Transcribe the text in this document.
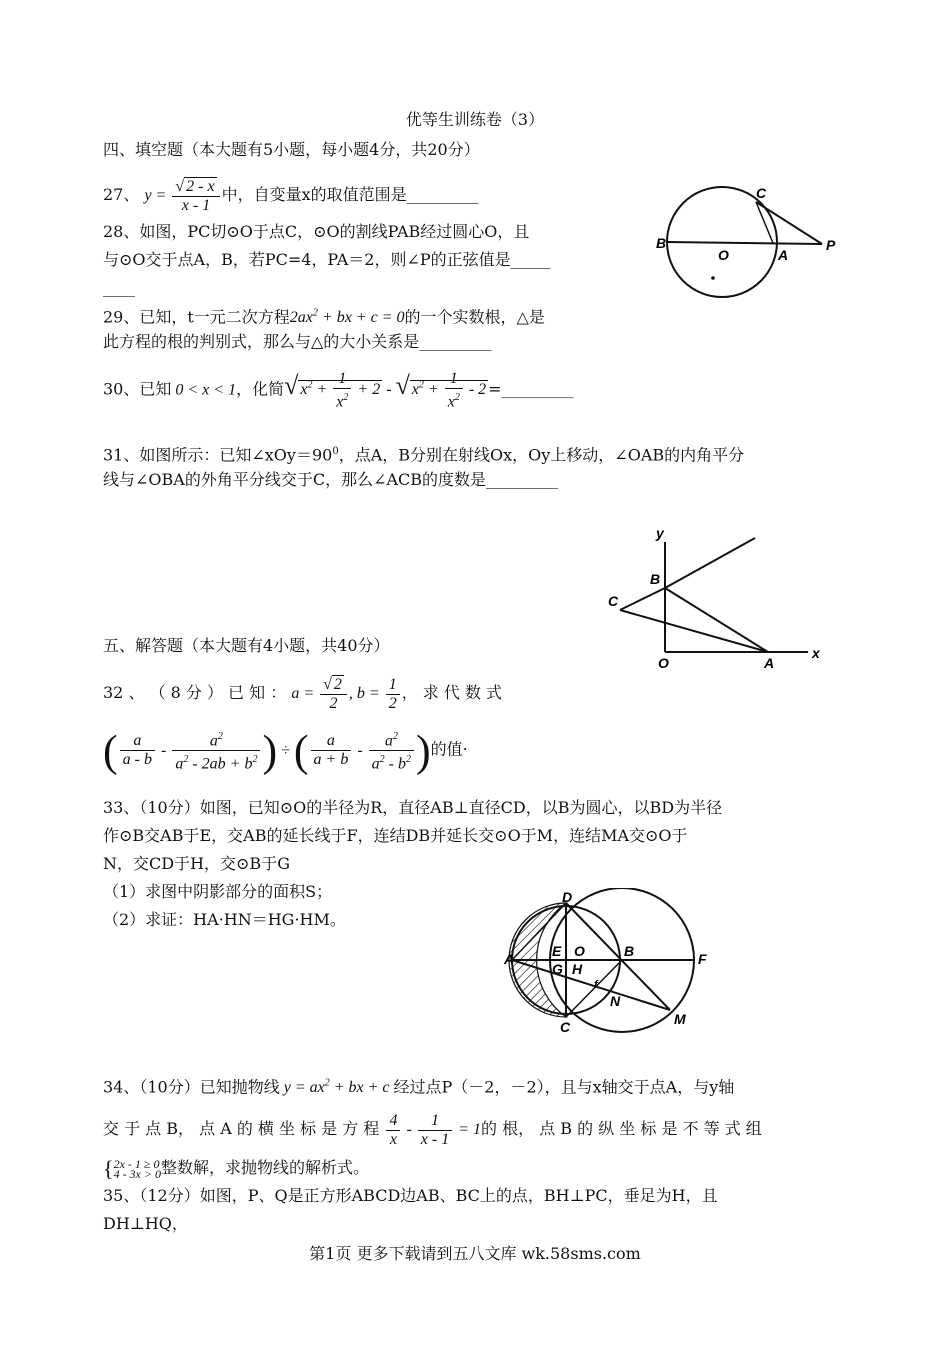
优等生训练卷（3）
四、填空题（本大题有5小题，每小题4分，共20分）
27、 $y = \frac{√ 2 - x}{x - 1}$ 中，自变量x的取值范围是_________
28、如图，PC切⊙O于点C，⊙O的割线PAB经过圆心O，且
与⊙O交于点A，B，若PC=4，PA＝2，则∠P的正弦值是_____
____
C
B
O	A
P
29、已知，t一元二次方程$2ax^2$ + bx + c = 0的一个实数根，△是
此方程的根的判别式，那么与△的大小关系是_________
30、已知 0 < x < 1，化简√ $x^2 + \frac{1}{x^2} + 2$ - √ $x^2 + \frac{1}{x^2} - 2$ =_________
31、如图所示：已知$\angle xOy=90^0$，点A，B分别在射线Ox，Oy上移动，∠OAB的内角平分
线与∠OBA的外角平分线交于C，那么∠ACB的度数是_________
y
B
C
O	A
x
五、解答题（本大题有4小题，共40分）
32 、 （ 8 分 ） 已 知 ： $a = \frac{√ 2}{2}$ , $b = \frac{1}{2}$ ， 求 代 数 式
( $\frac{a}{a - b} - \frac{a^2}{a^2 - 2ab + b^2}$ ) ÷ ( $\frac{a}{a + b} - \frac{a^2}{a^2 - b^2}$ )的值·
33、（10分）如图，已知⊙O的半径为R，直径AB⊥直径CD，以B为圆心，以BD为半径
作⊙B交AB于E，交AB的延长线于F，连结DB并延长交⊙O于M，连结MA交⊙O于
N，交CD于H，交⊙B于G
（1）求图中阴影部分的面积S；
（2）求证：HA·HN＝HG·HM。
D
A	E O	B	F
G H
N
C	M
f
34、（10分）已知抛物线 $y = ax^2$ + bx + c 经过点P（－2，－2），且与x轴交于点A，与y轴
交 于 点 B， 点 A 的 横 坐 标 是 方 程 $\frac{4}{x} - \frac{1}{x - 1} = 1$的 根， 点 B 的 纵 坐 标 是 不 等 式 组
{ 2x - 1 ≥ 0
4 - 3x > 0 整数解，求抛物线的解析式。
35、（12分）如图，P、Q是正方形ABCD边AB、BC上的点，BH⊥PC，垂足为H，且
DH⊥HQ，
第1页 更多下载请到五八文库 wk.58sms.com
